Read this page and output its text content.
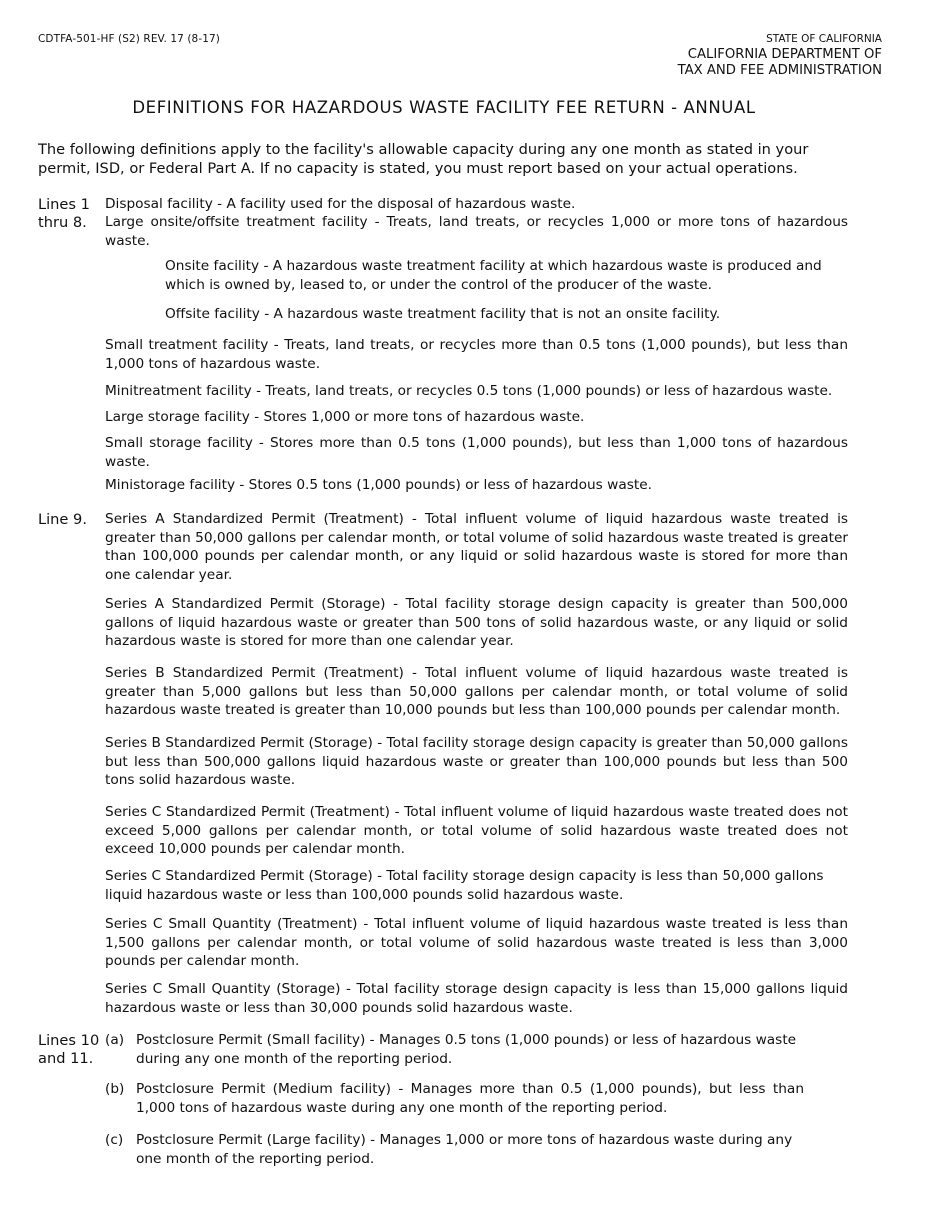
CDTFA-501-HF (S2) REV. 17 (8-17)	STATE OF CALIFORNIA
CALIFORNIA DEPARTMENT OF
TAX AND FEE ADMINISTRATION
DEFINITIONS FOR HAZARDOUS WASTE FACILITY FEE RETURN - ANNUAL
The following definitions apply to the facility's allowable capacity during any one month as stated in your permit, ISD, or Federal Part A. If no capacity is stated, you must report based on your actual operations.
Lines 1
thru 8.
Disposal facility - A facility used for the disposal of hazardous waste.
Large onsite/offsite treatment facility - Treats, land treats, or recycles 1,000 or more tons of hazardous waste.
Onsite facility - A hazardous waste treatment facility at which hazardous waste is produced and which is owned by, leased to, or under the control of the producer of the waste.
Offsite facility - A hazardous waste treatment facility that is not an onsite facility.
Small treatment facility - Treats, land treats, or recycles more than 0.5 tons (1,000 pounds), but less than 1,000 tons of hazardous waste.
Minitreatment facility - Treats, land treats, or recycles 0.5 tons (1,000 pounds) or less of hazardous waste.
Large storage facility - Stores 1,000 or more tons of hazardous waste.
Small storage facility - Stores more than 0.5 tons (1,000 pounds), but less than 1,000 tons of hazardous waste.
Ministorage facility - Stores 0.5 tons (1,000 pounds) or less of hazardous waste.
Line 9. Series A Standardized Permit (Treatment) - Total influent volume of liquid hazardous waste treated is greater than 50,000 gallons per calendar month, or total volume of solid hazardous waste treated is greater than 100,000 pounds per calendar month, or any liquid or solid hazardous waste is stored for more than one calendar year.
Series A Standardized Permit (Storage) - Total facility storage design capacity is greater than 500,000 gallons of liquid hazardous waste or greater than 500 tons of solid hazardous waste, or any liquid or solid hazardous waste is stored for more than one calendar year.
Series B Standardized Permit (Treatment) - Total influent volume of liquid hazardous waste treated is greater than 5,000 gallons but less than 50,000 gallons per calendar month, or total volume of solid hazardous waste treated is greater than 10,000 pounds but less than 100,000 pounds per calendar month.
Series B Standardized Permit (Storage) - Total facility storage design capacity is greater than 50,000 gallons but less than 500,000 gallons liquid hazardous waste or greater than 100,000 pounds but less than 500 tons solid hazardous waste.
Series C Standardized Permit (Treatment) - Total influent volume of liquid hazardous waste treated does not exceed 5,000 gallons per calendar month, or total volume of solid hazardous waste treated does not exceed 10,000 pounds per calendar month.
Series C Standardized Permit (Storage) - Total facility storage design capacity is less than 50,000 gallons liquid hazardous waste or less than 100,000 pounds solid hazardous waste.
Series C Small Quantity (Treatment) - Total influent volume of liquid hazardous waste treated is less than 1,500 gallons per calendar month, or total volume of solid hazardous waste treated is less than 3,000 pounds per calendar month.
Series C Small Quantity (Storage) - Total facility storage design capacity is less than 15,000 gallons liquid hazardous waste or less than 30,000 pounds solid hazardous waste.
Lines 10
and 11.
(a) Postclosure Permit (Small facility) - Manages 0.5 tons (1,000 pounds) or less of hazardous waste during any one month of the reporting period.
(b) Postclosure Permit (Medium facility) - Manages more than 0.5 (1,000 pounds), but less than 1,000 tons of hazardous waste during any one month of the reporting period.
(c) Postclosure Permit (Large facility) - Manages 1,000 or more tons of hazardous waste during any one month of the reporting period.
